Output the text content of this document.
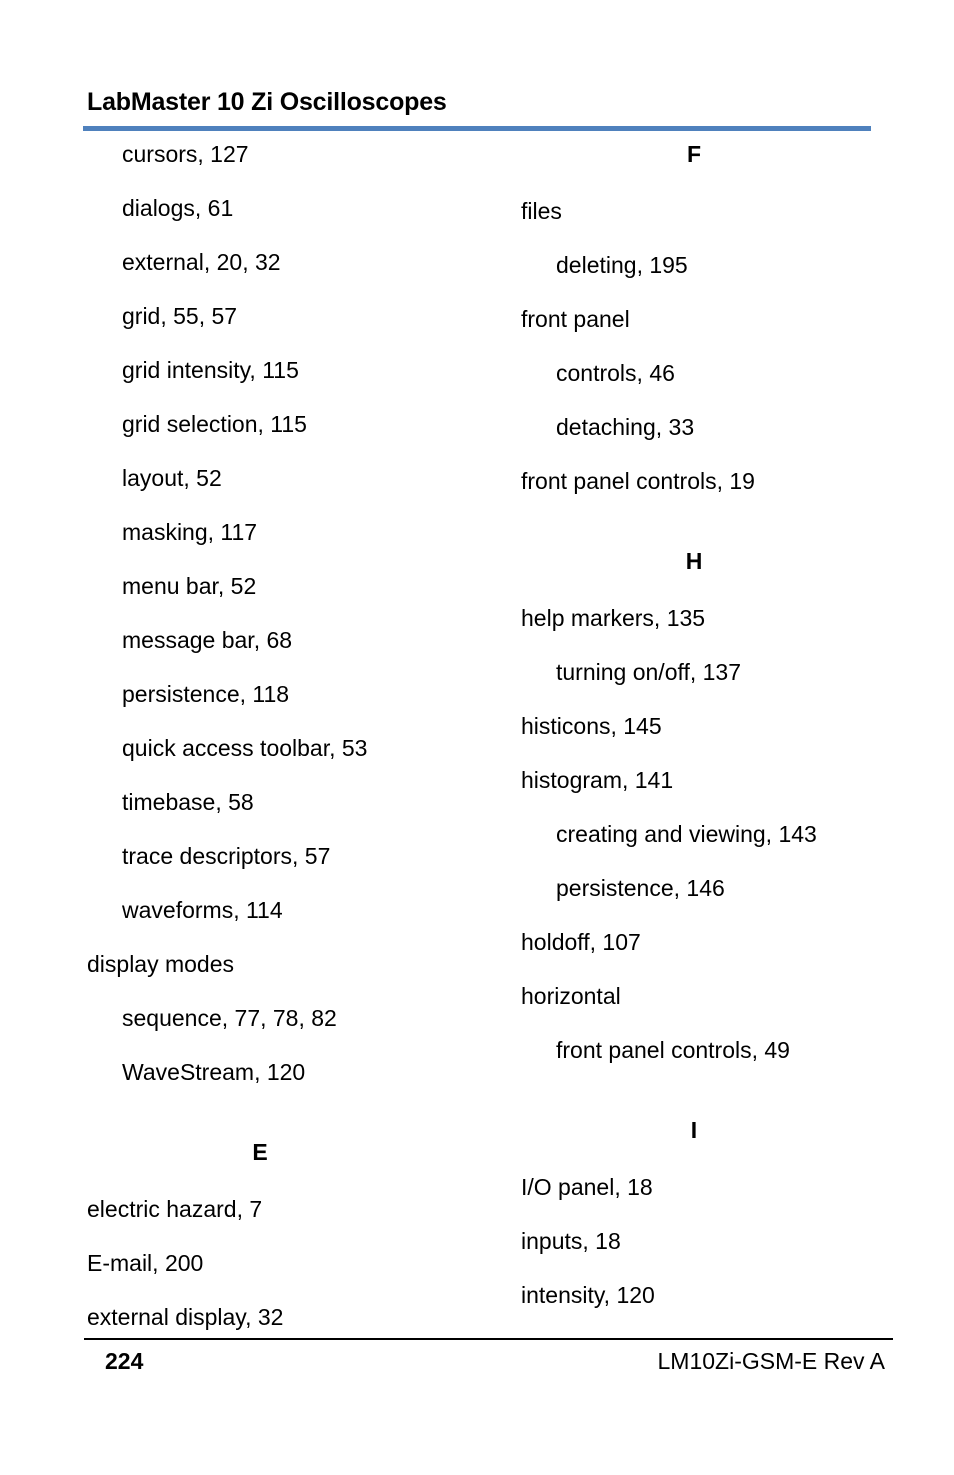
LabMaster 10 Zi Oscilloscopes
cursors, 127
dialogs, 61
external, 20, 32
grid, 55, 57
grid intensity, 115
grid selection, 115
layout, 52
masking, 117
menu bar, 52
message bar, 68
persistence, 118
quick access toolbar, 53
timebase, 58
trace descriptors, 57
waveforms, 114
display modes
sequence, 77, 78, 82
WaveStream, 120
E
electric hazard, 7
E-mail, 200
external display, 32
F
files
deleting, 195
front panel
controls, 46
detaching, 33
front panel controls, 19
H
help markers, 135
turning on/off, 137
histicons, 145
histogram, 141
creating and viewing, 143
persistence, 146
holdoff, 107
horizontal
front panel controls, 49
I
I/O panel, 18
inputs, 18
intensity, 120
224	LM10Zi-GSM-E Rev A
